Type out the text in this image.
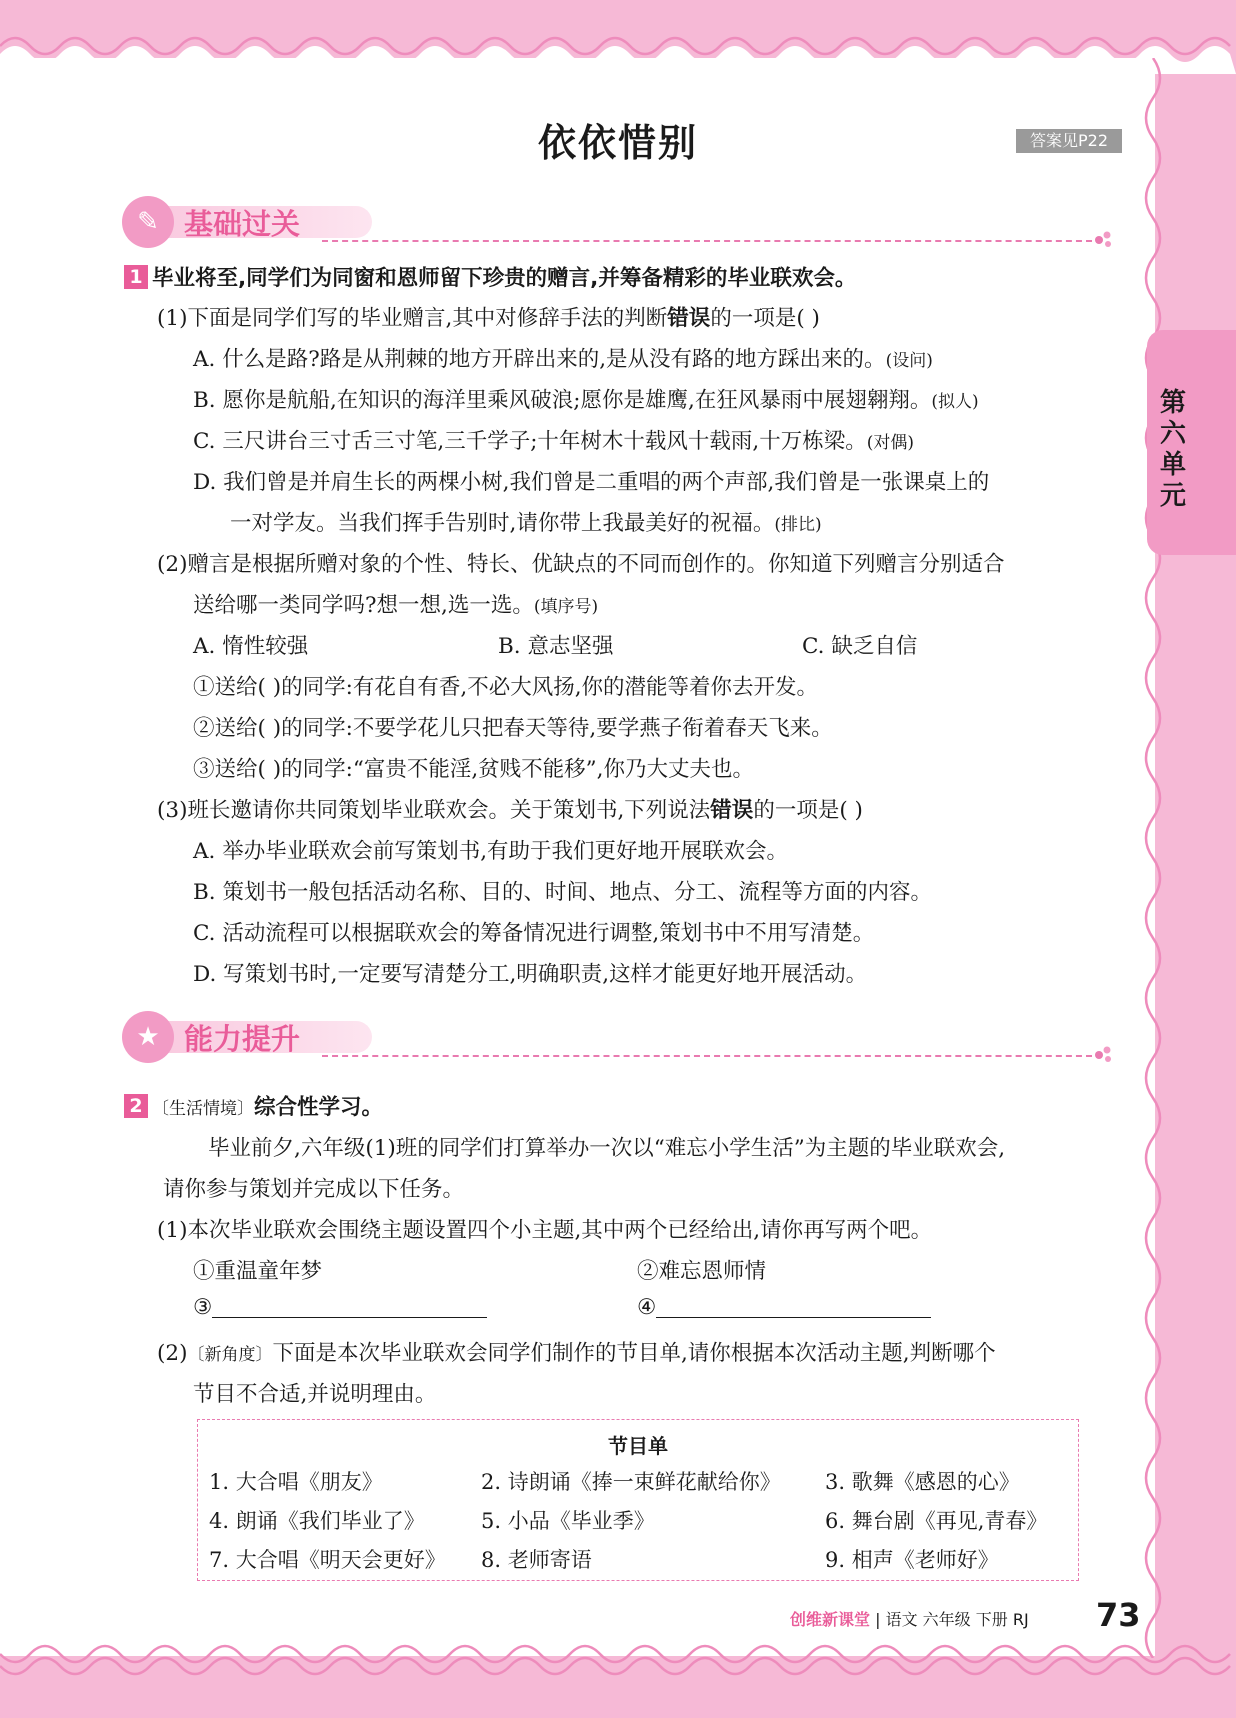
第六单元
依依惜别	答案见P22
✎ 基础过关
1 毕业将至,同学们为同窗和恩师留下珍贵的赠言,并筹备精彩的毕业联欢会。
(1)下面是同学们写的毕业赠言,其中对修辞手法的判断错误的一项是( )
A. 什么是路?路是从荆棘的地方开辟出来的,是从没有路的地方踩出来的。(设问)
B. 愿你是航船,在知识的海洋里乘风破浪;愿你是雄鹰,在狂风暴雨中展翅翱翔。(拟人)
C. 三尺讲台三寸舌三寸笔,三千学子;十年树木十载风十载雨,十万栋梁。(对偶)
D. 我们曾是并肩生长的两棵小树,我们曾是二重唱的两个声部,我们曾是一张课桌上的
一对学友。当我们挥手告别时,请你带上我最美好的祝福。(排比)
(2)赠言是根据所赠对象的个性、特长、优缺点的不同而创作的。你知道下列赠言分别适合
送给哪一类同学吗?想一想,选一选。(填序号)
A. 惰性较强	B. 意志坚强	C. 缺乏自信
①送给( )的同学:有花自有香,不必大风扬,你的潜能等着你去开发。
②送给( )的同学:不要学花儿只把春天等待,要学燕子衔着春天飞来。
③送给( )的同学:“富贵不能淫,贫贱不能移”,你乃大丈夫也。
(3)班长邀请你共同策划毕业联欢会。关于策划书,下列说法错误的一项是( )
A. 举办毕业联欢会前写策划书,有助于我们更好地开展联欢会。
B. 策划书一般包括活动名称、目的、时间、地点、分工、流程等方面的内容。
C. 活动流程可以根据联欢会的筹备情况进行调整,策划书中不用写清楚。
D. 写策划书时,一定要写清楚分工,明确职责,这样才能更好地开展活动。
★ 能力提升
2 〔生活情境〕综合性学习。
毕业前夕,六年级(1)班的同学们打算举办一次以“难忘小学生活”为主题的毕业联欢会,
请你参与策划并完成以下任务。
(1)本次毕业联欢会围绕主题设置四个小主题,其中两个已经给出,请你再写两个吧。
①重温童年梦	②难忘恩师情
③	④
(2)〔新角度〕下面是本次毕业联欢会同学们制作的节目单,请你根据本次活动主题,判断哪个
节目不合适,并说明理由。
节目单
1. 大合唱《朋友》	2. 诗朗诵《捧一束鲜花献给你》 3. 歌舞《感恩的心》
4. 朗诵《我们毕业了》	5. 小品《毕业季》	6. 舞台剧《再见,青春》
7. 大合唱《明天会更好》 8. 老师寄语	9. 相声《老师好》
创维新课堂 | 语文 六年级 下册 RJ 73
